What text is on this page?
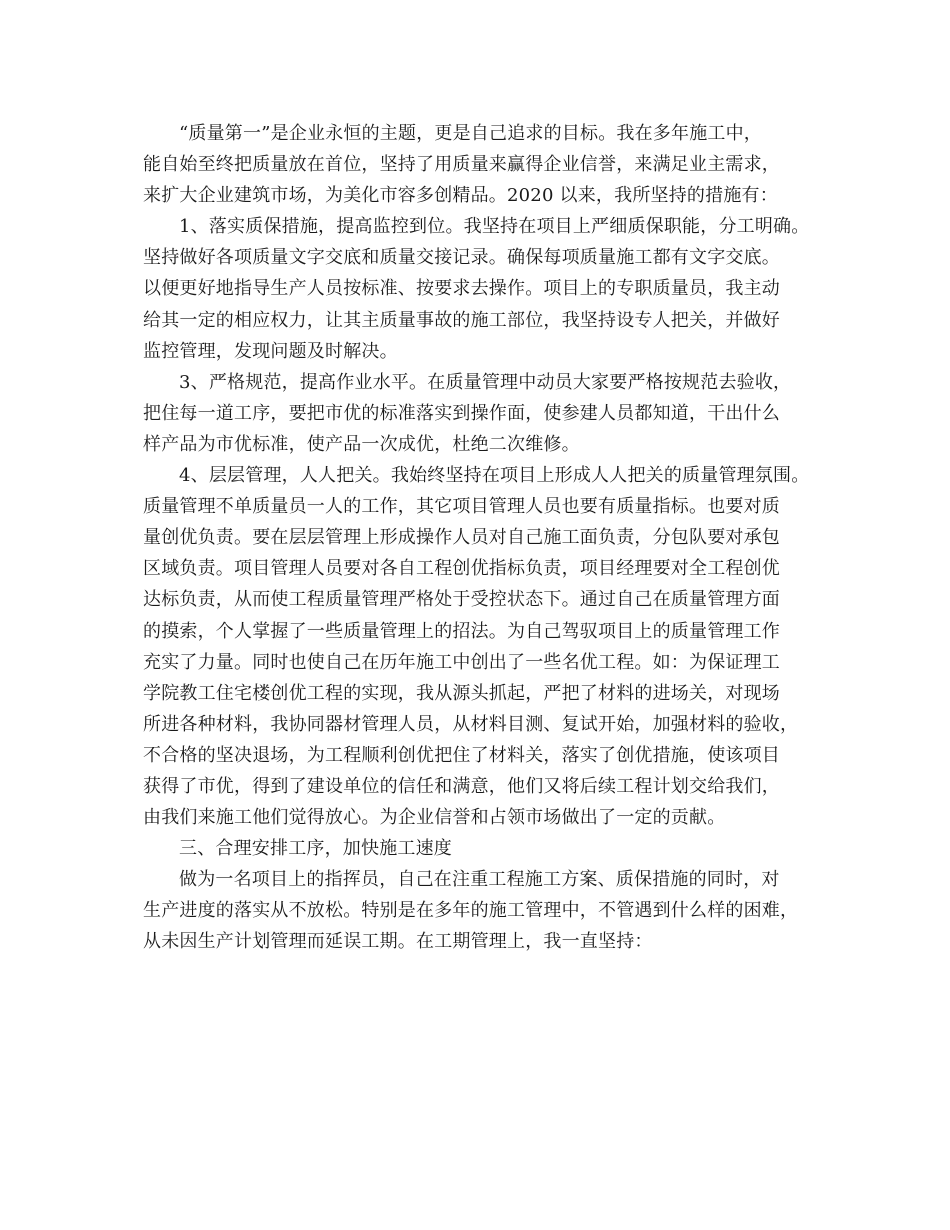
“质量第一”是企业永恒的主题，更是自己追求的目标。我在多年施工中，
能自始至终把质量放在首位，坚持了用质量来赢得企业信誉，来满足业主需求，
来扩大企业建筑市场，为美化市容多创精品。2020 以来，我所坚持的措施有：
1、落实质保措施，提高监控到位。我坚持在项目上严细质保职能，分工明确。
坚持做好各项质量文字交底和质量交接记录。确保每项质量施工都有文字交底。
以便更好地指导生产人员按标准、按要求去操作。项目上的专职质量员，我主动
给其一定的相应权力，让其主质量事故的施工部位，我坚持设专人把关，并做好
监控管理，发现问题及时解决。
3、严格规范，提高作业水平。在质量管理中动员大家要严格按规范去验收，
把住每一道工序，要把市优的标准落实到操作面，使参建人员都知道，干出什么
样产品为市优标准，使产品一次成优，杜绝二次维修。
4、层层管理，人人把关。我始终坚持在项目上形成人人把关的质量管理氛围。
质量管理不单质量员一人的工作，其它项目管理人员也要有质量指标。也要对质
量创优负责。要在层层管理上形成操作人员对自己施工面负责，分包队要对承包
区域负责。项目管理人员要对各自工程创优指标负责，项目经理要对全工程创优
达标负责，从而使工程质量管理严格处于受控状态下。通过自己在质量管理方面
的摸索，个人掌握了一些质量管理上的招法。为自己驾驭项目上的质量管理工作
充实了力量。同时也使自己在历年施工中创出了一些名优工程。如：为保证理工
学院教工住宅楼创优工程的实现，我从源头抓起，严把了材料的进场关，对现场
所进各种材料，我协同器材管理人员，从材料目测、复试开始，加强材料的验收，
不合格的坚决退场，为工程顺利创优把住了材料关，落实了创优措施，使该项目
获得了市优，得到了建设单位的信任和满意，他们又将后续工程计划交给我们，
由我们来施工他们觉得放心。为企业信誉和占领市场做出了一定的贡献。
三、合理安排工序，加快施工速度
做为一名项目上的指挥员，自己在注重工程施工方案、质保措施的同时，对
生产进度的落实从不放松。特别是在多年的施工管理中，不管遇到什么样的困难，
从未因生产计划管理而延误工期。在工期管理上，我一直坚持：
